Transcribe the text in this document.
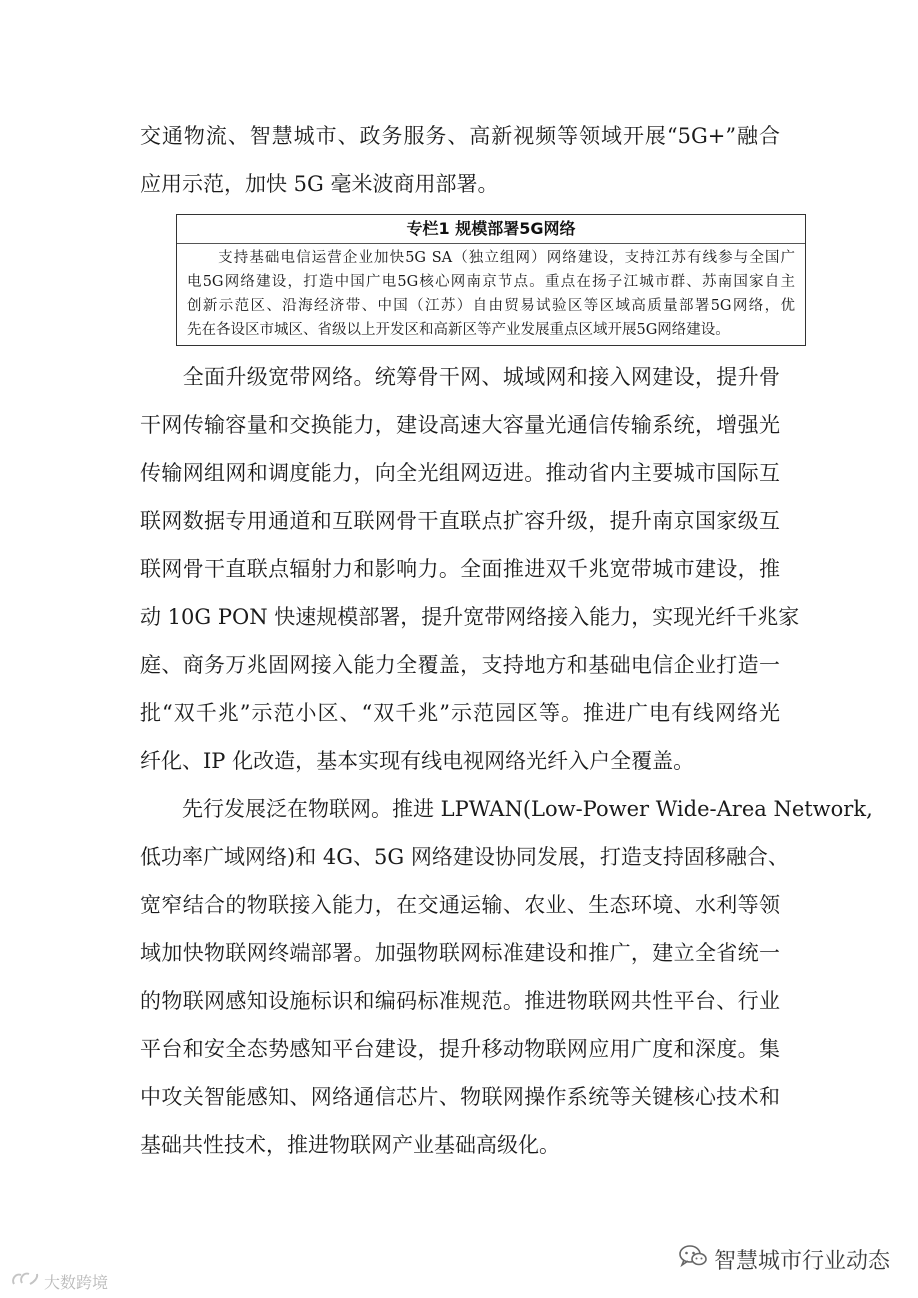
交通物流、智慧城市、政务服务、高新视频等领域开展“5G+”融合
应用示范，加快 5G 毫米波商用部署。
专栏1 规模部署5G网络
　　支持基础电信运营企业加快5G SA（独立组网）网络建设，支持江苏有线参与全国广
电5G网络建设，打造中国广电5G核心网南京节点。重点在扬子江城市群、苏南国家自主
创新示范区、沿海经济带、中国（江苏）自由贸易试验区等区域高质量部署5G网络，优
先在各设区市城区、省级以上开发区和高新区等产业发展重点区域开展5G网络建设。
　　全面升级宽带网络。统筹骨干网、城域网和接入网建设，提升骨
干网传输容量和交换能力，建设高速大容量光通信传输系统，增强光
传输网组网和调度能力，向全光组网迈进。推动省内主要城市国际互
联网数据专用通道和互联网骨干直联点扩容升级，提升南京国家级互
联网骨干直联点辐射力和影响力。全面推进双千兆宽带城市建设，推
动 10G PON 快速规模部署，提升宽带网络接入能力，实现光纤千兆家
庭、商务万兆固网接入能力全覆盖，支持地方和基础电信企业打造一
批“双千兆”示范小区、“双千兆”示范园区等。推进广电有线网络光
纤化、IP 化改造，基本实现有线电视网络光纤入户全覆盖。
　　先行发展泛在物联网。推进 LPWAN(Low-Power Wide-Area Network,
低功率广域网络)和 4G、5G 网络建设协同发展，打造支持固移融合、
宽窄结合的物联接入能力，在交通运输、农业、生态环境、水利等领
域加快物联网终端部署。加强物联网标准建设和推广，建立全省统一
的物联网感知设施标识和编码标准规范。推进物联网共性平台、行业
平台和安全态势感知平台建设，提升移动物联网应用广度和深度。集
中攻关智能感知、网络通信芯片、物联网操作系统等关键核心技术和
基础共性技术，推进物联网产业基础高级化。
智慧城市行业动态
大数跨境
